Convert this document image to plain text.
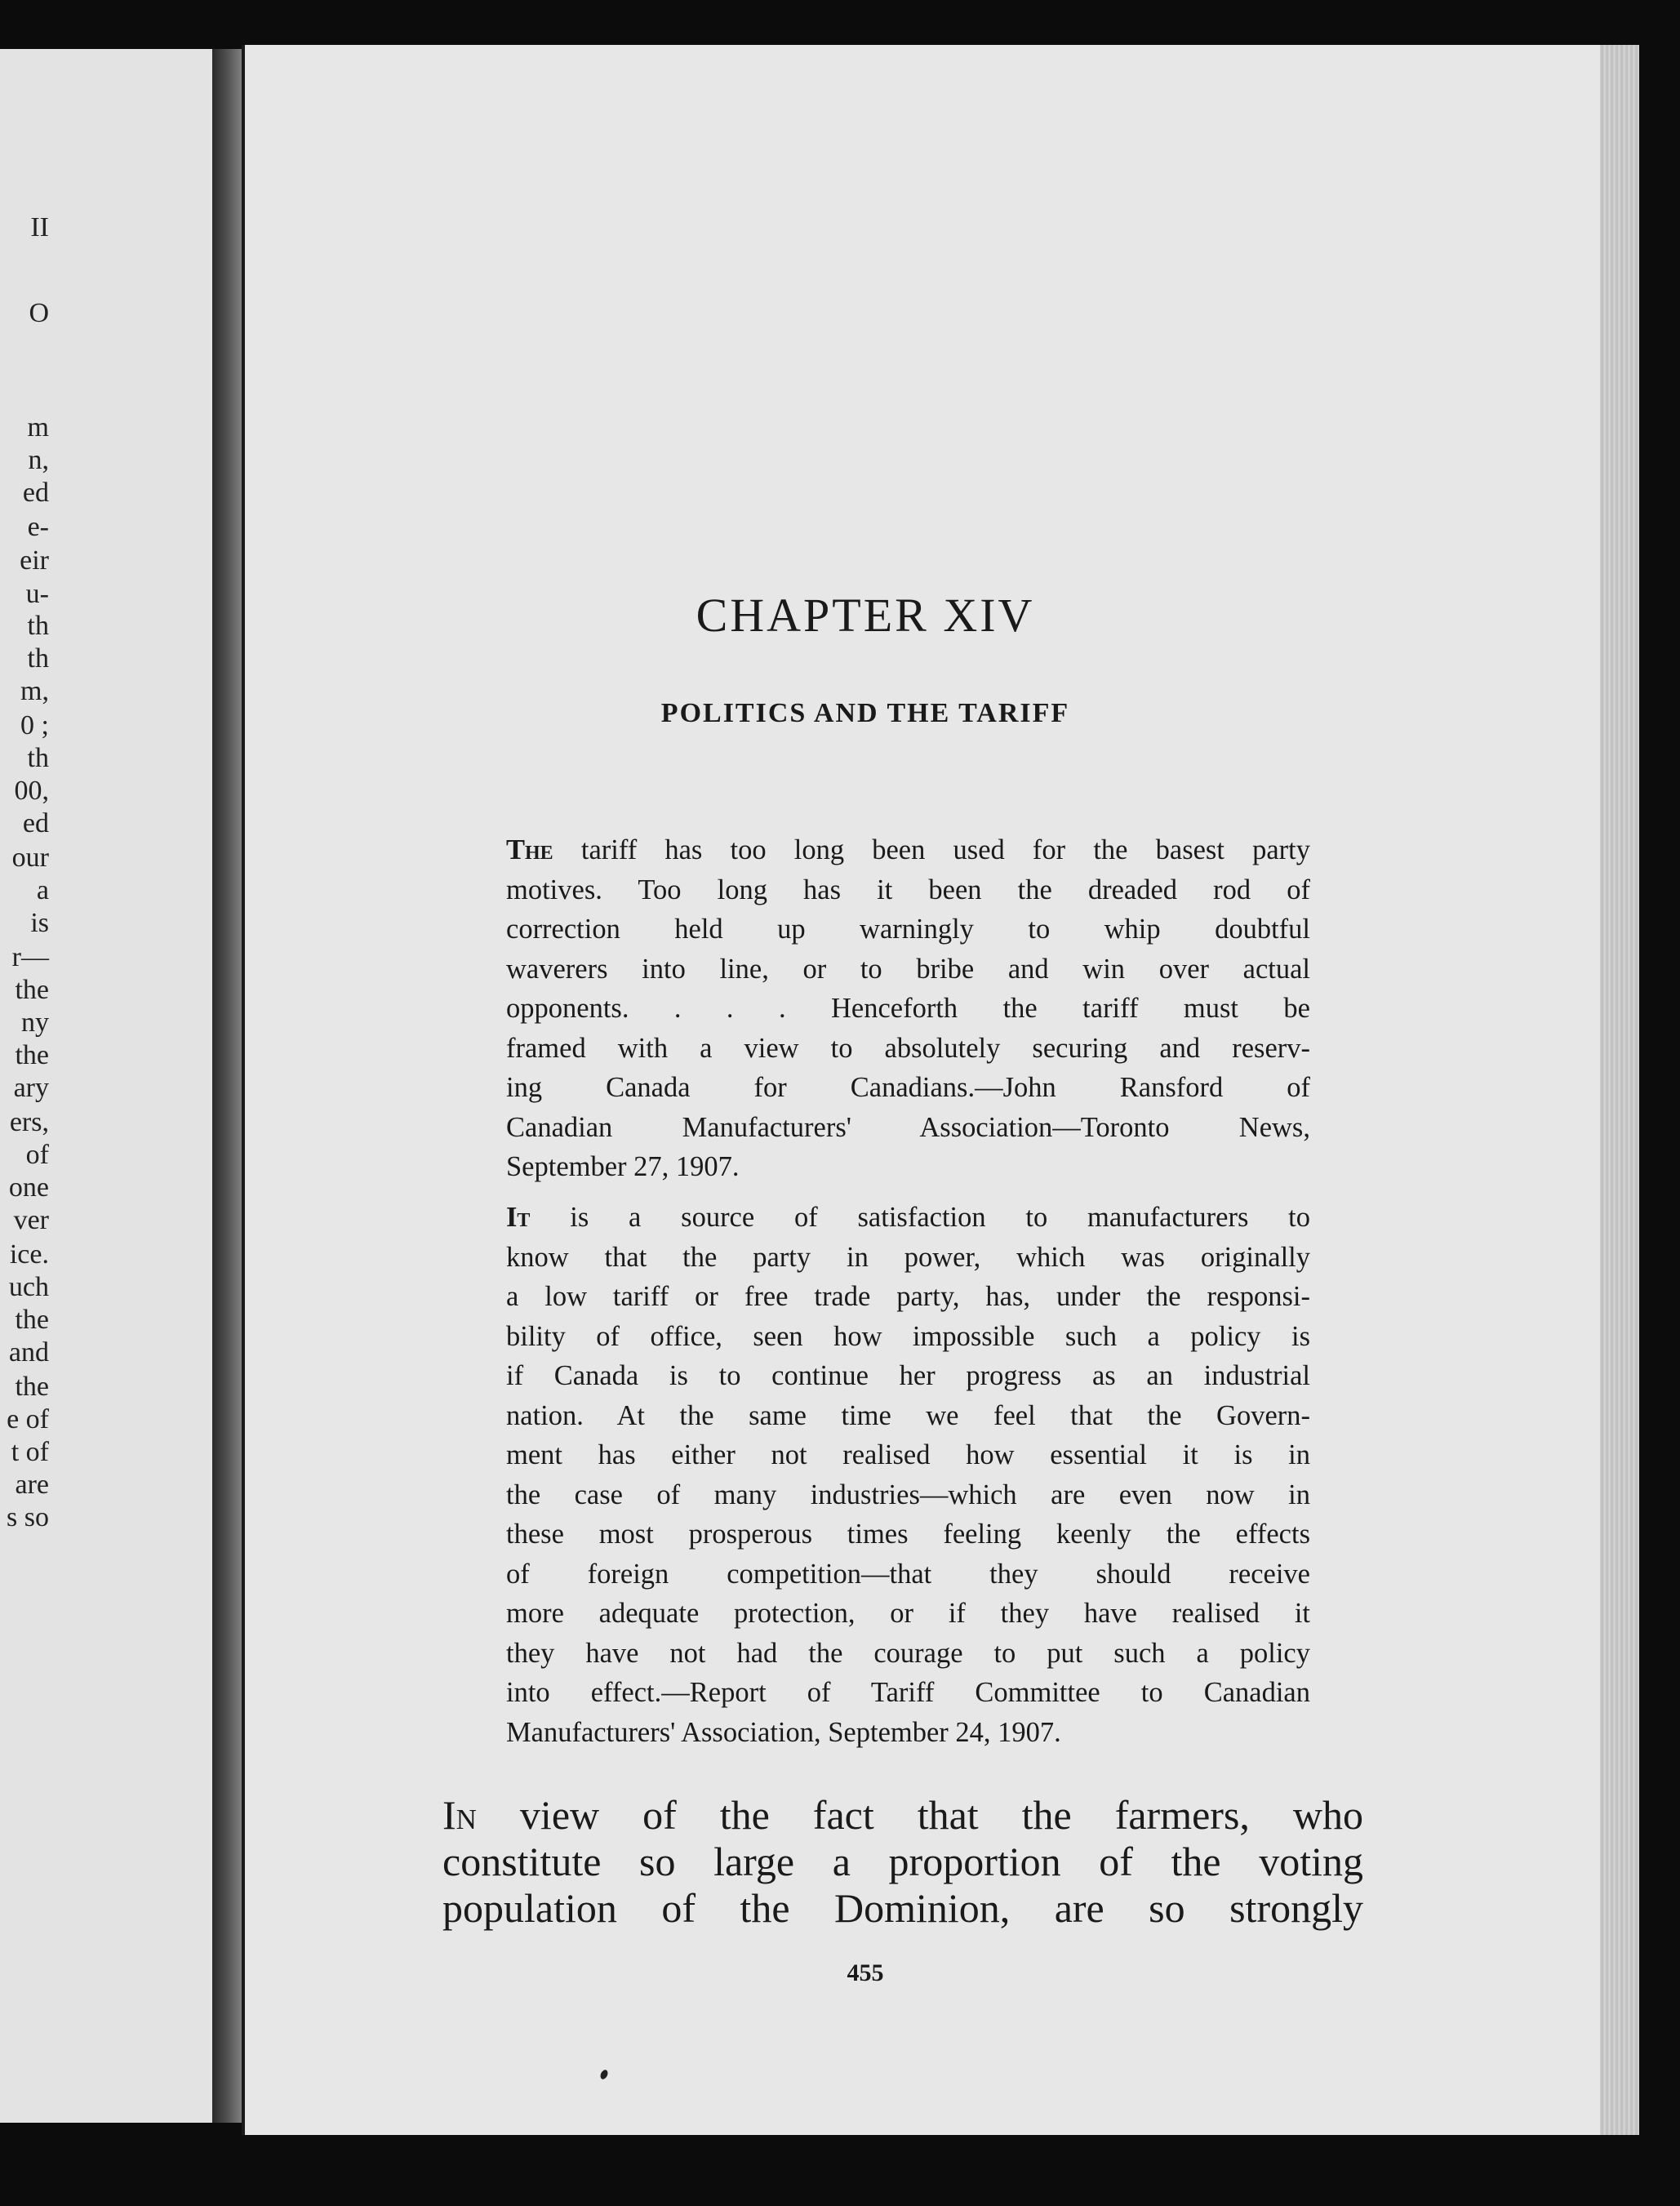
II
O
m
n,
ed
e-
eir
u-
th
th
m,
0 ;
th
00,
ed
our
a
is
r—
the
ny
the
ary
ers,
of
one
ver
ice.
uch
the
and
the
e of
t of
are
s so
CHAPTER XIV
POLITICS AND THE TARIFF
The tariff has too long been used for the basest party
motives. Too long has it been the dreaded rod of
correction held up warningly to whip doubtful
waverers into line, or to bribe and win over actual
opponents. . . . Henceforth the tariff must be
framed with a view to absolutely securing and reserv-
ing Canada for Canadians.—John Ransford of
Canadian Manufacturers' Association—Toronto News,
September 27, 1907.
It is a source of satisfaction to manufacturers to
know that the party in power, which was originally
a low tariff or free trade party, has, under the responsi-
bility of office, seen how impossible such a policy is
if Canada is to continue her progress as an industrial
nation. At the same time we feel that the Govern-
ment has either not realised how essential it is in
the case of many industries—which are even now in
these most prosperous times feeling keenly the effects
of foreign competition—that they should receive
more adequate protection, or if they have realised it
they have not had the courage to put such a policy
into effect.—Report of Tariff Committee to Canadian
Manufacturers' Association, September 24, 1907.
In view of the fact that the farmers, who
constitute so large a proportion of the voting
population of the Dominion, are so strongly
455
